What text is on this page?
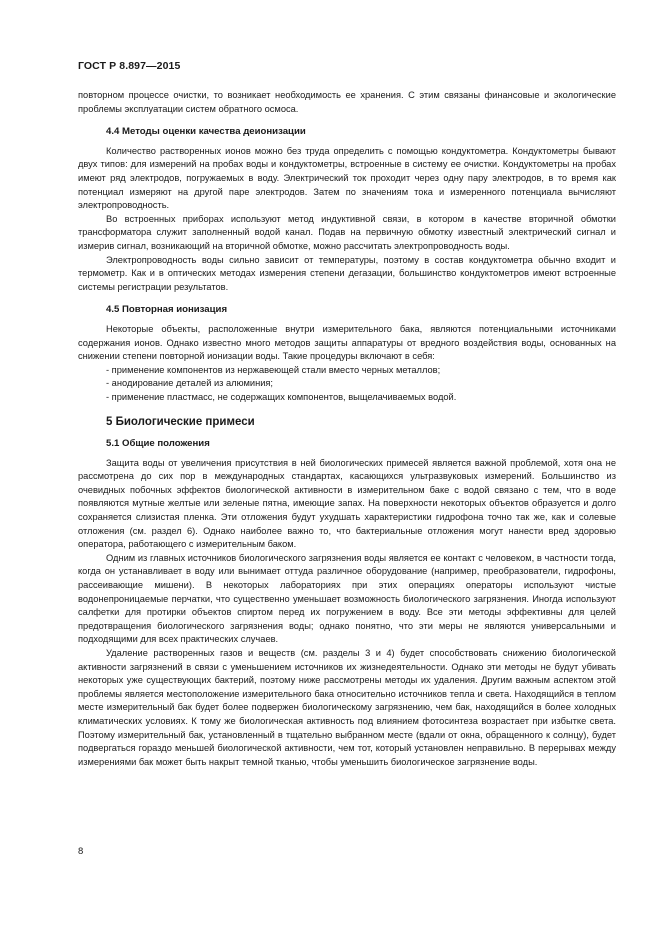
ГОСТ Р 8.897—2015

повторном процессе очистки, то возникает необходимость ее хранения. С этим связаны финансовые и экологические проблемы эксплуатации систем обратного осмоса.

4.4 Методы оценки качества деионизации

Количество растворенных ионов можно без труда определить с помощью кондуктометра. Кондуктометры бывают двух типов: для измерений на пробах воды и кондуктометры, встроенные в систему ее очистки. Кондуктометры на пробах имеют ряд электродов, погружаемых в воду. Электрический ток проходит через одну пару электродов, в то время как потенциал измеряют на другой паре электродов. Затем по значениям тока и измеренного потенциала вычисляют электропроводность.

Во встроенных приборах используют метод индуктивной связи, в котором в качестве вторичной обмотки трансформатора служит заполненный водой канал. Подав на первичную обмотку известный электрический сигнал и измерив сигнал, возникающий на вторичной обмотке, можно рассчитать электропроводность воды.

Электропроводность воды сильно зависит от температуры, поэтому в состав кондуктометра обычно входит и термометр. Как и в оптических методах измерения степени дегазации, большинство кондуктометров имеют встроенные системы регистрации результатов.

4.5 Повторная ионизация

Некоторые объекты, расположенные внутри измерительного бака, являются потенциальными источниками содержания ионов. Однако известно много методов защиты аппаратуры от вредного воздействия воды, основанных на снижении степени повторной ионизации воды. Такие процедуры включают в себя:

- применение компонентов из нержавеющей стали вместо черных металлов;

- анодирование деталей из алюминия;

- применение пластмасс, не содержащих компонентов, выщелачиваемых водой.

5 Биологические примеси
5.1 Общие положения

Защита воды от увеличения присутствия в ней биологических примесей является важной проблемой, хотя она не рассмотрена до сих пор в международных стандартах, касающихся ультразвуковых измерений. Большинство из очевидных побочных эффектов биологической активности в измерительном баке с водой связано с тем, что в воде появляются мутные желтые или зеленые пятна, имеющие запах. На поверхности некоторых объектов образуется и долго сохраняется слизистая пленка. Эти отложения будут ухудшать характеристики гидрофона точно так же, как и солевые отложения (см. раздел 6). Однако наиболее важно то, что бактериальные отложения могут нанести вред здоровью оператора, работающего с измерительным баком.

Одним из главных источников биологического загрязнения воды является ее контакт с человеком, в частности тогда, когда он устанавливает в воду или вынимает оттуда различное оборудование (например, преобразователи, гидрофоны, рассеивающие мишени). В некоторых лабораториях при этих операциях операторы используют чистые водонепроницаемые перчатки, что существенно уменьшает возможность биологического загрязнения. Иногда используют салфетки для протирки объектов спиртом перед их погружением в воду. Все эти методы эффективны для целей предотвращения биологического загрязнения воды; однако понятно, что эти меры не являются универсальными и подходящими для всех практических случаев.

Удаление растворенных газов и веществ (см. разделы 3 и 4) будет способствовать снижению биологической активности загрязнений в связи с уменьшением источников их жизнедеятельности. Однако эти методы не будут убивать некоторых уже существующих бактерий, поэтому ниже рассмотрены методы их удаления. Другим важным аспектом этой проблемы является местоположение измерительного бака относительно источников тепла и света. Находящийся в теплом месте измерительный бак будет более подвержен биологическому загрязнению, чем бак, находящийся в более холодных климатических условиях. К тому же биологическая активность под влиянием фотосинтеза возрастает при избытке света. Поэтому измерительный бак, установленный в тщательно выбранном месте (вдали от окна, обращенного к солнцу), будет подвергаться гораздо меньшей биологической активности, чем тот, который установлен неправильно. В перерывах между измерениями бак может быть накрыт темной тканью, чтобы уменьшить биологическое загрязнение воды.

8
